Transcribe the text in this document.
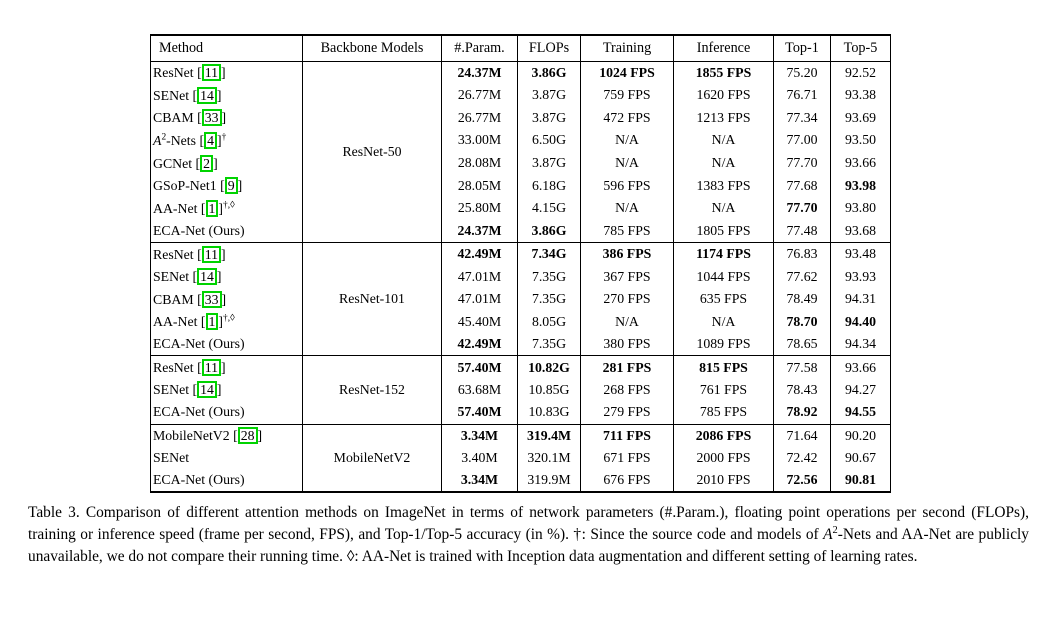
Method	Backbone Models	#.Param.	FLOPs	Training	Inference	Top-1	Top-5
ResNet [ 11 ]	ResNet-50	24.37M	3.86G	1024 FPS	1855 FPS	75.20	92.52
SENet [ 14 ]		26.77M	3.87G	759 FPS	1620 FPS	76.71	93.38
CBAM [ 33 ]		26.77M	3.87G	472 FPS	1213 FPS	77.34	93.69
$A^2$-Nets [ 4 ]†		33.00M	6.50G	N/A	N/A	77.00	93.50
GCNet [ 2 ]		28.08M	3.87G	N/A	N/A	77.70	93.66
GSoP-Net1 [ 9 ]		28.05M	6.18G	596 FPS	1383 FPS	77.68	93.98
AA-Net [ 1 ]†,◊		25.80M	4.15G	N/A	N/A	77.70	93.80
ECA-Net (Ours)		24.37M	3.86G	785 FPS	1805 FPS	77.48	93.68
ResNet [ 11 ]	ResNet-101	42.49M	7.34G	386 FPS	1174 FPS	76.83	93.48
SENet [ 14 ]		47.01M	7.35G	367 FPS	1044 FPS	77.62	93.93
CBAM [ 33 ]		47.01M	7.35G	270 FPS	635 FPS	78.49	94.31
AA-Net [ 1 ]†,◊		45.40M	8.05G	N/A	N/A	78.70	94.40
ECA-Net (Ours)		42.49M	7.35G	380 FPS	1089 FPS	78.65	94.34
ResNet [ 11 ]	ResNet-152	57.40M	10.82G	281 FPS	815 FPS	77.58	93.66
SENet [ 14 ]		63.68M	10.85G	268 FPS	761 FPS	78.43	94.27
ECA-Net (Ours)		57.40M	10.83G	279 FPS	785 FPS	78.92	94.55
MobileNetV2 [ 28 ]	MobileNetV2	3.34M	319.4M	711 FPS	2086 FPS	71.64	90.20
SENet		3.40M	320.1M	671 FPS	2000 FPS	72.42	90.67
ECA-Net (Ours)		3.34M	319.9M	676 FPS	2010 FPS	72.56	90.81
Table 3. Comparison of different attention methods on ImageNet in terms of network parameters (#.Param.), floating point operations per second (FLOPs), training or inference speed (frame per second, FPS), and Top-1/Top-5 accuracy (in %). †: Since the source code and models of $A^2$-Nets and AA-Net are publicly unavailable, we do not compare their running time. ◊: AA-Net is trained with Inception data augmentation and different setting of learning rates.
